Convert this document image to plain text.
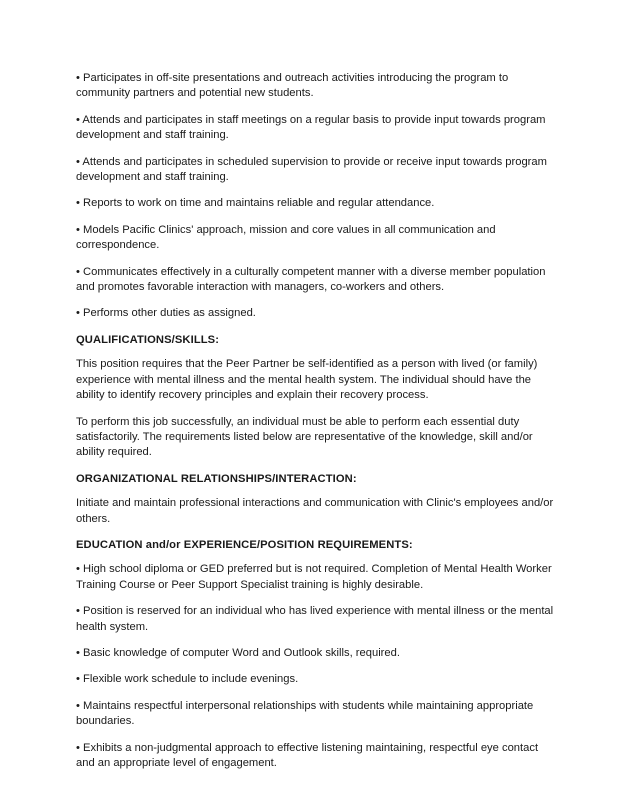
• Participates in off-site presentations and outreach activities introducing the program to community partners and potential new students.

• Attends and participates in staff meetings on a regular basis to provide input towards program development and staff training.

• Attends and participates in scheduled supervision to provide or receive input towards program development and staff training.

• Reports to work on time and maintains reliable and regular attendance.

• Models Pacific Clinics' approach, mission and core values in all communication and correspondence.

• Communicates effectively in a culturally competent manner with a diverse member population and promotes favorable interaction with managers, co-workers and others.

• Performs other duties as assigned.

QUALIFICATIONS/SKILLS:

This position requires that the Peer Partner be self-identified as a person with lived (or family) experience with mental illness and the mental health system. The individual should have the ability to identify recovery principles and explain their recovery process.

To perform this job successfully, an individual must be able to perform each essential duty satisfactorily. The requirements listed below are representative of the knowledge, skill and/or ability required.

ORGANIZATIONAL RELATIONSHIPS/INTERACTION:

Initiate and maintain professional interactions and communication with Clinic's employees and/or others.

EDUCATION and/or EXPERIENCE/POSITION REQUIREMENTS:

• High school diploma or GED preferred but is not required. Completion of Mental Health Worker Training Course or Peer Support Specialist training is highly desirable.

• Position is reserved for an individual who has lived experience with mental illness or the mental health system.

• Basic knowledge of computer Word and Outlook skills, required.

• Flexible work schedule to include evenings.

• Maintains respectful interpersonal relationships with students while maintaining appropriate boundaries.

• Exhibits a non-judgmental approach to effective listening maintaining, respectful eye contact and an appropriate level of engagement.
